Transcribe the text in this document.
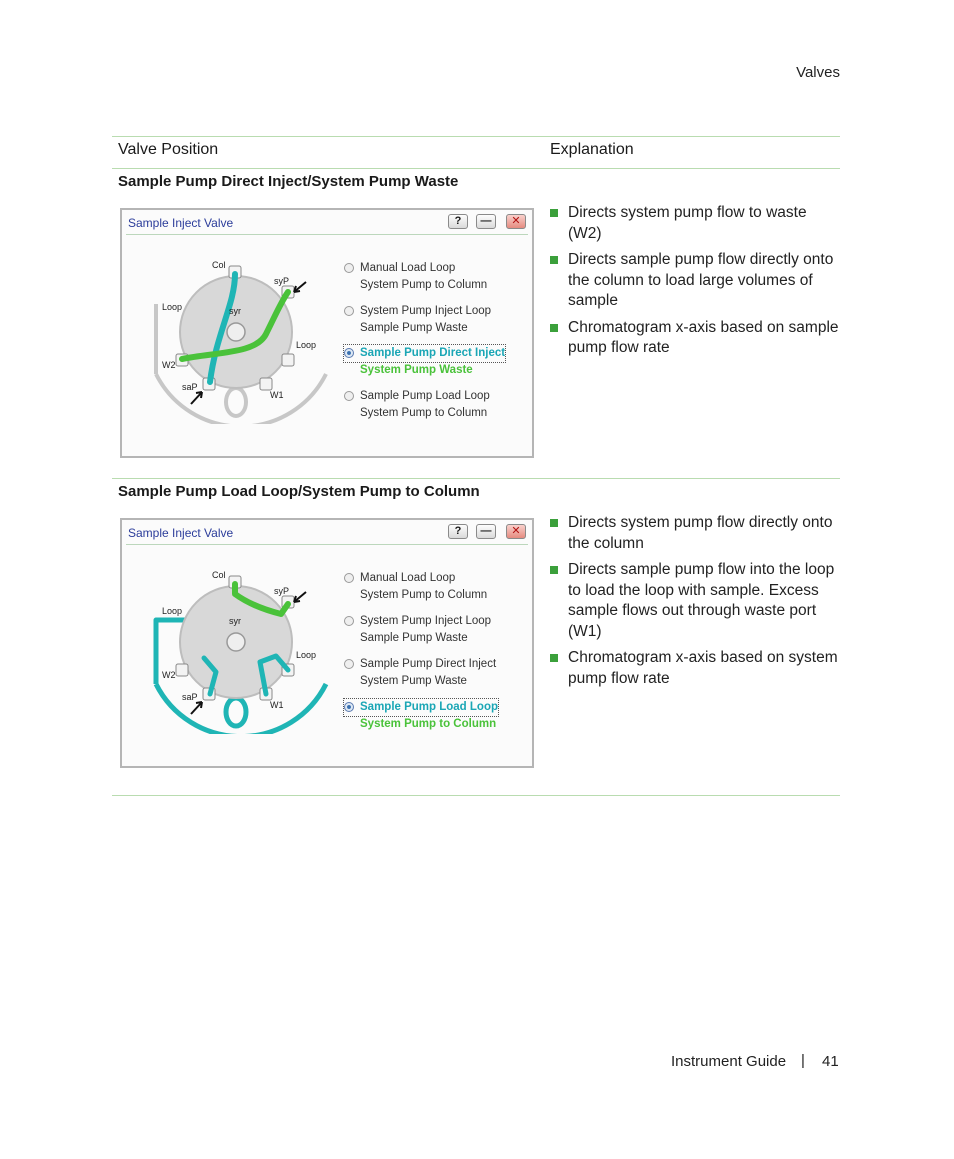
Valves
Valve Position	Explanation
Sample Pump Direct Inject/System Pump Waste
Sample Inject Valve	?	—	✕
Col
syP
Loop	syr
Loop
W2
saP
W1
Manual Load Loop
System Pump to Column
System Pump Inject Loop
Sample Pump Waste
Sample Pump Direct Inject
System Pump Waste
Sample Pump Load Loop
System Pump to Column
Directs system pump flow to waste (W2)
Directs sample pump flow directly onto the column to load large volumes of sample
Chromatogram x-axis based on sample pump flow rate
Sample Pump Load Loop/System Pump to Column
Sample Inject Valve	?	—	✕
Col
syP
Loop
syr
Loop
W2
saP
W1
Manual Load Loop
System Pump to Column
System Pump Inject Loop
Sample Pump Waste
Sample Pump Direct Inject
System Pump Waste
Sample Pump Load Loop
System Pump to Column
Directs system pump flow directly onto the column
Directs sample pump flow into the loop to load the loop with sample. Excess sample flows out through waste port (W1)
Chromatogram x-axis based on system pump flow rate
Instrument Guide | 41
